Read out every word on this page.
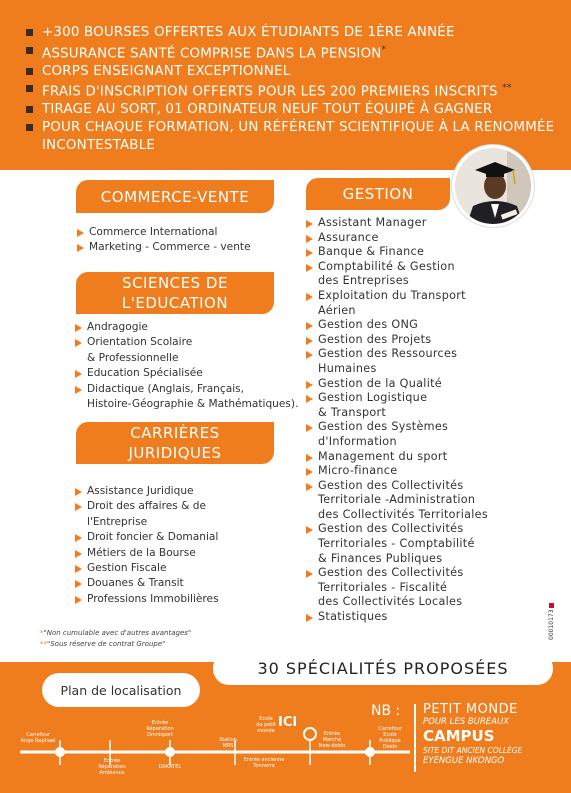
+300 BOURSES OFFERTES AUX ÉTUDIANTS DE 1ÈRE ANNÉE
ASSURANCE SANTÉ COMPRISE DANS LA PENSION*
CORPS ENSEIGNANT EXCEPTIONNEL
FRAIS D'INSCRIPTION OFFERTS POUR LES 200 PREMIERS INSCRITS **
TIRAGE AU SORT, 01 ORDINATEUR NEUF TOUT ÉQUIPÉ À GAGNER
POUR CHAQUE FORMATION, UN RÉFÉRENT SCIENTIFIQUE À LA RENOMMÉE INCONTESTABLE
COMMERCE-VENTE
Commerce International
Marketing - Commerce - vente
SCIENCES DE
L'EDUCATION
Andragogie
Orientation Scolaire
& Professionnelle
Education Spécialisée
Didactique (Anglais, Français,
Histoire-Géographie & Mathématiques).
CARRIÈRES
JURIDIQUES
Assistance Juridique
Droit des affaires & de
l'Entreprise
Droit foncier & Domanial
Métiers de la Bourse
Gestion Fiscale
Douanes & Transit
Professions Immobilières
GESTION
Assistant Manager
Assurance
Banque & Finance
Comptabilité & Gestion
des Entreprises
Exploitation du Transport
Aérien
Gestion des ONG
Gestion des Projets
Gestion des Ressources
Humaines
Gestion de la Qualité
Gestion Logistique
& Transport
Gestion des Systèmes
d'Information
Management du sport
Micro-finance
Gestion des Collectivités
Territoriale -Administration
des Collectivités Territoriales
Gestion des Collectivités
Territoriales - Comptabilité
& Finances Publiques
Gestion des Collectivités
Territoriales - Fiscalité
des Collectivités Locales
Statistiques
*"Non cumulable avec d'autres avantages"
**"Sous réserve de contrat Groupe"
00010173
30 SPÉCIALITÉS PROPOSÉES
Plan de localisation
ICI
Carrefour
Ange Raphael
Entrée
Réparation
Ambiance
Entrée
Réparation
Omnisport
DAKATEL
Station
MRS
Entrée ancienne
Tonnerre
Ecole
du petit
monde	Entrée
Marché
New-deido
Carrefour
Ecole
Publique
Deido
NB : PETIT MONDE
POUR LES BUREAUX
CAMPUS
SITE DIT ANCIEN COLLÈGE
EYENGUE NKONGO
